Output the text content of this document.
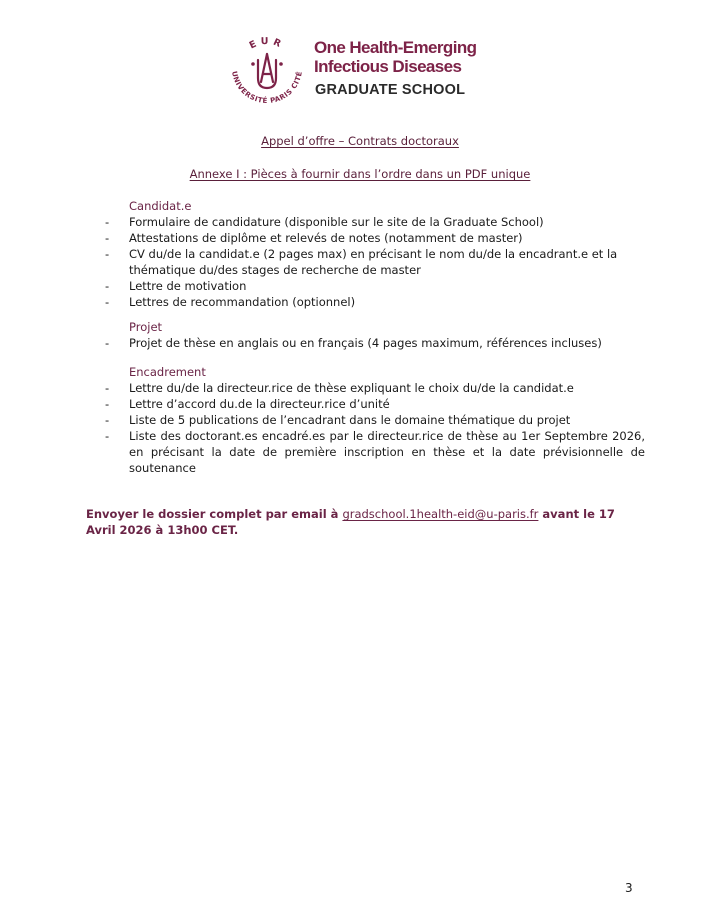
EUR
UNIVERSITÉ PARIS CITÉ
One Health-Emerging
Infectious Diseases
GRADUATE SCHOOL
Appel d’offre – Contrats doctoraux
Annexe I : Pièces à fournir dans l’ordre dans un PDF unique
Candidat.e
-	Formulaire de candidature (disponible sur le site de la Graduate School)
-	Attestations de diplôme et relevés de notes (notamment de master)
-	CV du/de la candidat.e (2 pages max) en précisant le nom du/de la encadrant.e et la thématique du/des stages de recherche de master
-	Lettre de motivation
-	Lettres de recommandation (optionnel)
Projet
-	Projet de thèse en anglais ou en français (4 pages maximum, références incluses)
Encadrement
-	Lettre du/de la directeur.rice de thèse expliquant le choix du/de la candidat.e
-	Lettre d’accord du.de la directeur.rice d’unité
-	Liste de 5 publications de l’encadrant dans le domaine thématique du projet
-	Liste des doctorant.es encadré.es par le directeur.rice de thèse au 1er Septembre 2026, en précisant la date de première inscription en thèse et la date prévisionnelle de soutenance
Envoyer le dossier complet par email à gradschool.1health-eid@u-paris.fr avant le 17 Avril 2026 à 13h00 CET.
3
